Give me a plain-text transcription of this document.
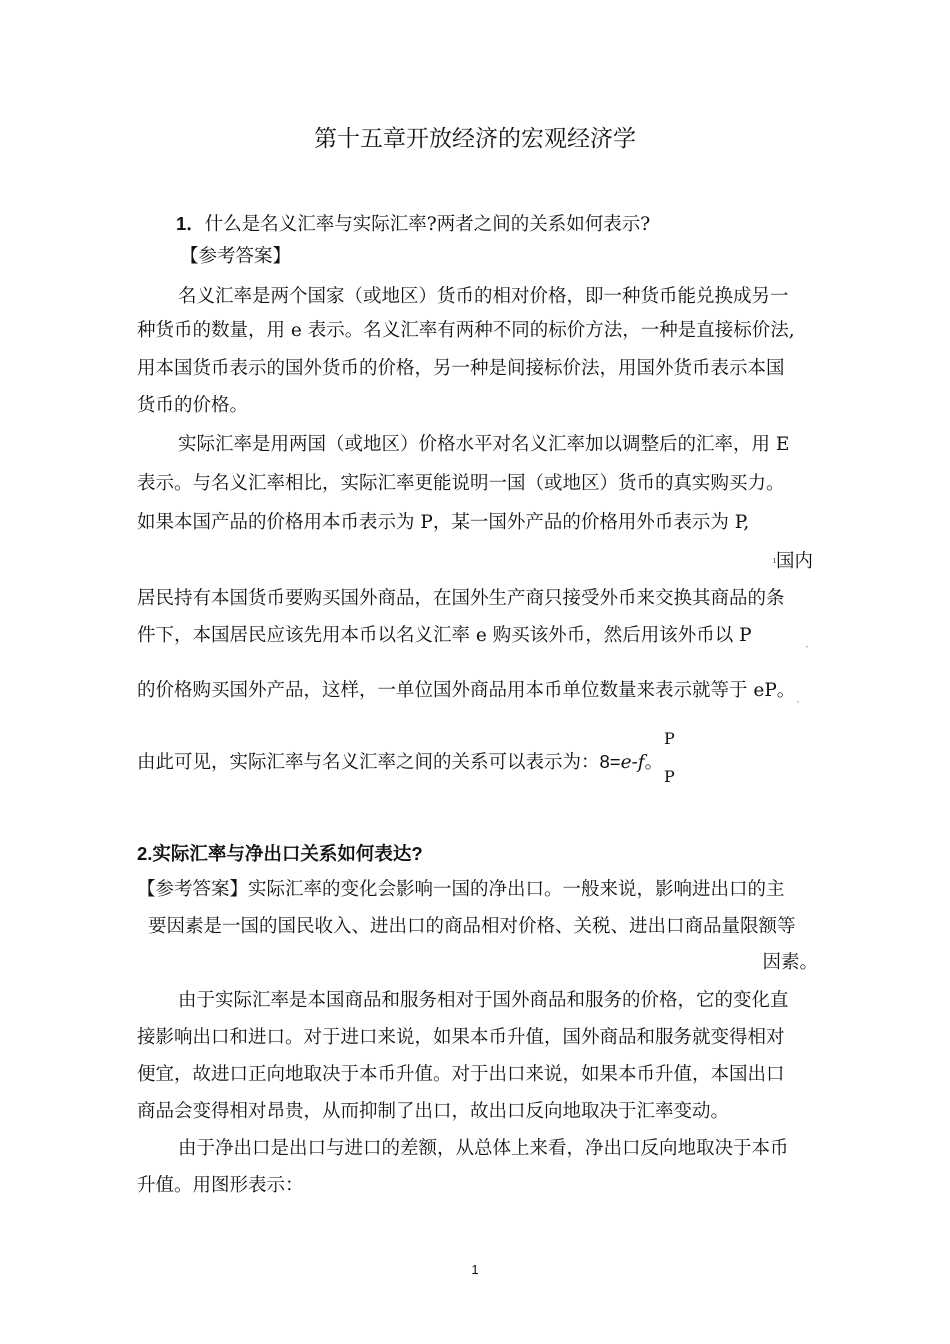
第十五章开放经济的宏观经济学
1．什么是名义汇率与实际汇率?两者之间的关系如何表示?
【参考答案】
名义汇率是两个国家（或地区）货币的相对价格，即一种货币能兑换成另一
种货币的数量，用 e 表示。名义汇率有两种不同的标价方法，一种是直接标价法,
用本国货币表示的国外货币的价格，另一种是间接标价法，用国外货币表示本国
货币的价格。
实际汇率是用两国（或地区）价格水平对名义汇率加以调整后的汇率，用 E
表示。与名义汇率相比，实际汇率更能说明一国（或地区）货币的真实购买力。
如果本国产品的价格用本币表示为 P，某一国外产品的价格用外币表示为 P,
ı 国内
居民持有本国货币要购买国外商品，在国外生产商只接受外币来交换其商品的条
件下，本国居民应该先用本币以名义汇率 e 购买该外币，然后用该外币以 P
′
的价格购买国外产品，这样，一单位国外商品用本币单位数量来表示就等于 eP。
′
P
由此可见，实际汇率与名义汇率之间的关系可以表示为：8=e-f。
P
2.实际汇率与净出口关系如何表达?
【参考答案】实际汇率的变化会影响一国的净出口。一般来说，影响进出口的主
要因素是一国的国民收入、进出口的商品相对价格、关税、进出口商品量限额等
因素。
由于实际汇率是本国商品和服务相对于国外商品和服务的价格，它的变化直
接影响出口和进口。对于进口来说，如果本币升值，国外商品和服务就变得相对
便宜，故进口正向地取决于本币升值。对于出口来说，如果本币升值，本国出口
商品会变得相对昂贵，从而抑制了出口，故出口反向地取决于汇率变动。
由于净出口是出口与进口的差额，从总体上来看，净出口反向地取决于本币
升值。用图形表示：
1
